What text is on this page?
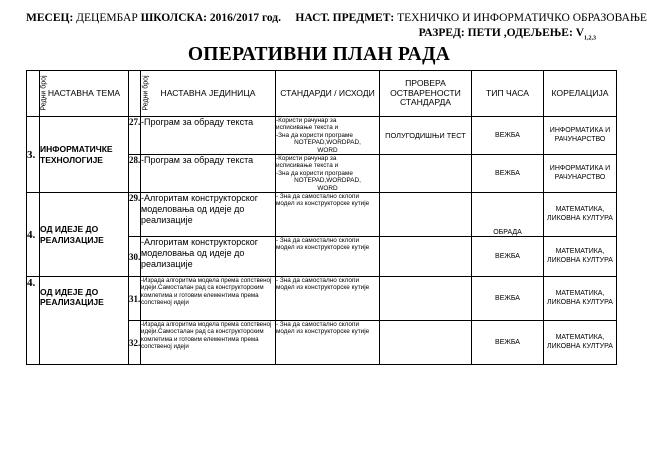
МЕСЕЦ: ДЕЦЕМБАР ШКОЛСКА: 2016/2017 год. НАСТ. ПРЕДМЕТ: ТЕХНИЧКО И ИНФОРМАТИЧКО ОБРАЗОВАЊЕ
РАЗРЕД: ПЕТИ ,ОДЕЉЕЊЕ: $V_{1,2,3}$
ОПЕРАТИВНИ ПЛАН РАДА
Редни број	НАСТАВНА ТЕМА	Редни број	НАСТАВНА ЈЕДИНИЦА	СТАНДАРДИ / ИСХОДИ	ПРОВЕРА ОСТВАРЕНОСТИ СТАНДАРДА	ТИП ЧАСА	КОРЕЛАЦИЈА
3.	ИНФОРМАТИЧКЕ ТЕХНОЛОГИЈЕ	27.	-Програм за обраду текста	-Користи рачунар за
исписивање текста и
-Зна да користи програме
NOTEPAD,WORDPAD,
WORD	ПОЛУГОДИШЊИ ТЕСТ	ВЕЖБА	ИНФОРМАТИКА И РАЧУНАРСТВО
		28.	-Програм за обраду текста	-Користи рачунар за
исписивање текста и
-Зна да користи програме
NOTEPAD,WORDPAD,
WORD		ВЕЖБА	ИНФОРМАТИКА И РАЧУНАРСТВО
4.	ОД ИДЕЈЕ ДО РЕАЛИЗАЦИЈЕ	29.	-Алгоритам конструкторског моделовања од идеје до реализације	- Зна да самостално склопи модел из конструкторске кутије		ОБРАДА	МАТЕМАТИКА, ЛИКОВНА КУЛТУРА
		30.	-Алгоритам конструкторског моделовања од идеје до реализације	- Зна да самостално склопи модел из конструкторске кутије		ВЕЖБА	МАТЕМАТИКА, ЛИКОВНА КУЛТУРА
4.	ОД ИДЕЈЕ ДО РЕАЛИЗАЦИЈЕ	31.	-Израда алгоритма модела према сопственој идеји.Самосталан рад са конструкторским комлетима и готовим елементима према сопственој идеји	- Зна да самостално склопи модел из конструкторске кутије		ВЕЖБА	МАТЕМАТИКА, ЛИКОВНА КУЛТУРА
		32.	-Израда алгоритма модела према сопственој идеји.Самосталан рад са конструкторским комлетима и готовим елементима према сопственој идеји	- Зна да самостално склопи модел из конструкторске кутије		ВЕЖБА	МАТЕМАТИКА, ЛИКОВНА КУЛТУРА
